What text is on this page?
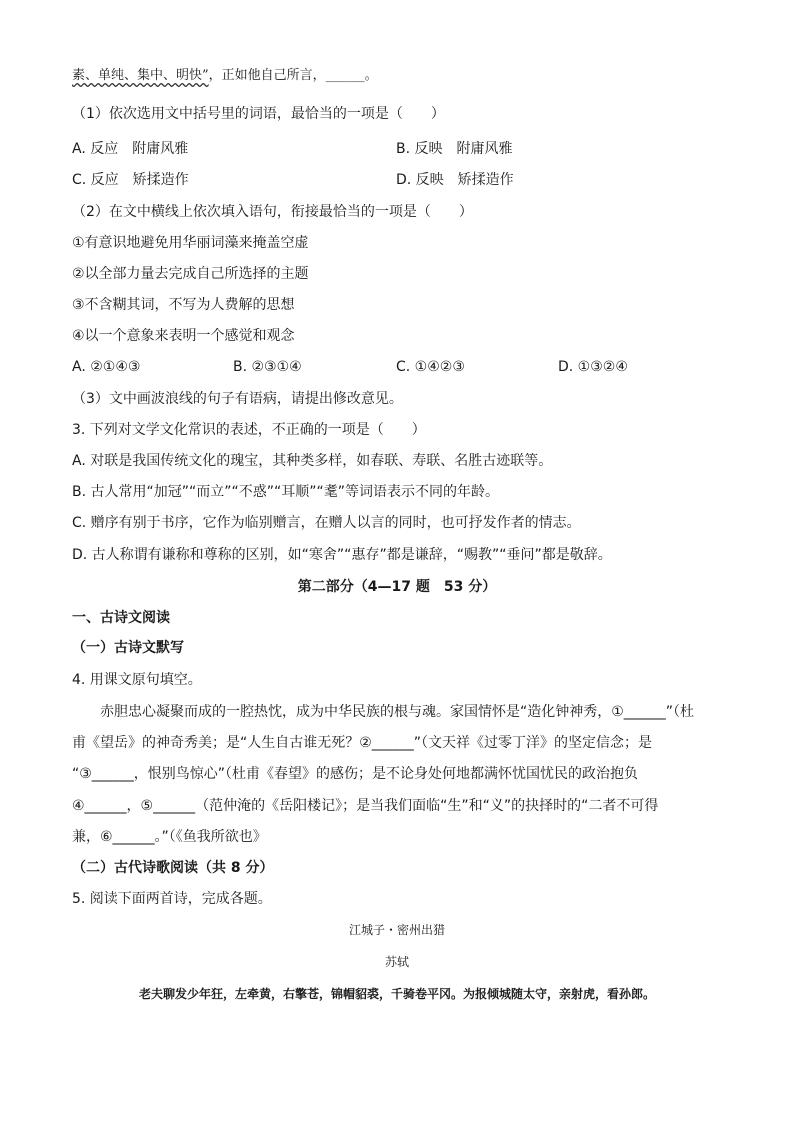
素、单纯、集中、明快”，正如他自己所言，______。
（1）依次选用文中括号里的词语，最恰当的一项是（　　）
A. 反应　附庸风雅	B. 反映　附庸风雅
C. 反应　矫揉造作	D. 反映　矫揉造作
（2）在文中横线上依次填入语句，衔接最恰当的一项是（　　）
①有意识地避免用华丽词藻来掩盖空虚
②以全部力量去完成自己所选择的主题
③不含糊其词，不写为人费解的思想
④以一个意象来表明一个感觉和观念
A. ②①④③	B. ②③①④	C. ①④②③	D. ①③②④
（3）文中画波浪线的句子有语病，请提出修改意见。
3. 下列对文学文化常识的表述，不正确的一项是（　　）
A. 对联是我国传统文化的瑰宝，其种类多样，如春联、寿联、名胜古迹联等。
B. 古人常用“加冠”“而立”“不惑”“耳顺”“耄”等词语表示不同的年龄。
C. 赠序有别于书序，它作为临别赠言，在赠人以言的同时，也可抒发作者的情志。
D. 古人称谓有谦称和尊称的区别，如“寒舍”“惠存”都是谦辞，“赐教”“垂问”都是敬辞。
第二部分（4—17 题　53 分）
一、古诗文阅读
（一）古诗文默写
4. 用课文原句填空。
赤胆忠心凝聚而成的一腔热忱，成为中华民族的根与魂。家国情怀是“造化钟神秀，①______”（杜
甫《望岳》的神奇秀美；是“人生自古谁无死？②______”（文天祥《过零丁洋》的坚定信念；是
“③______，恨别鸟惊心”（杜甫《春望》的感伤；是不论身处何地都满怀忧国忧民的政治抱负
④______，⑤______（范仲淹的《岳阳楼记》；是当我们面临“生”和“义”的抉择时的“二者不可得
兼，⑥______。”（《鱼我所欲也》
（二）古代诗歌阅读（共 8 分）
5. 阅读下面两首诗，完成各题。
江城子・密州出猎
苏轼
老夫聊发少年狂，左牵黄，右擎苍，锦帽貂裘，千骑卷平冈。为报倾城随太守，亲射虎，看孙郎。
